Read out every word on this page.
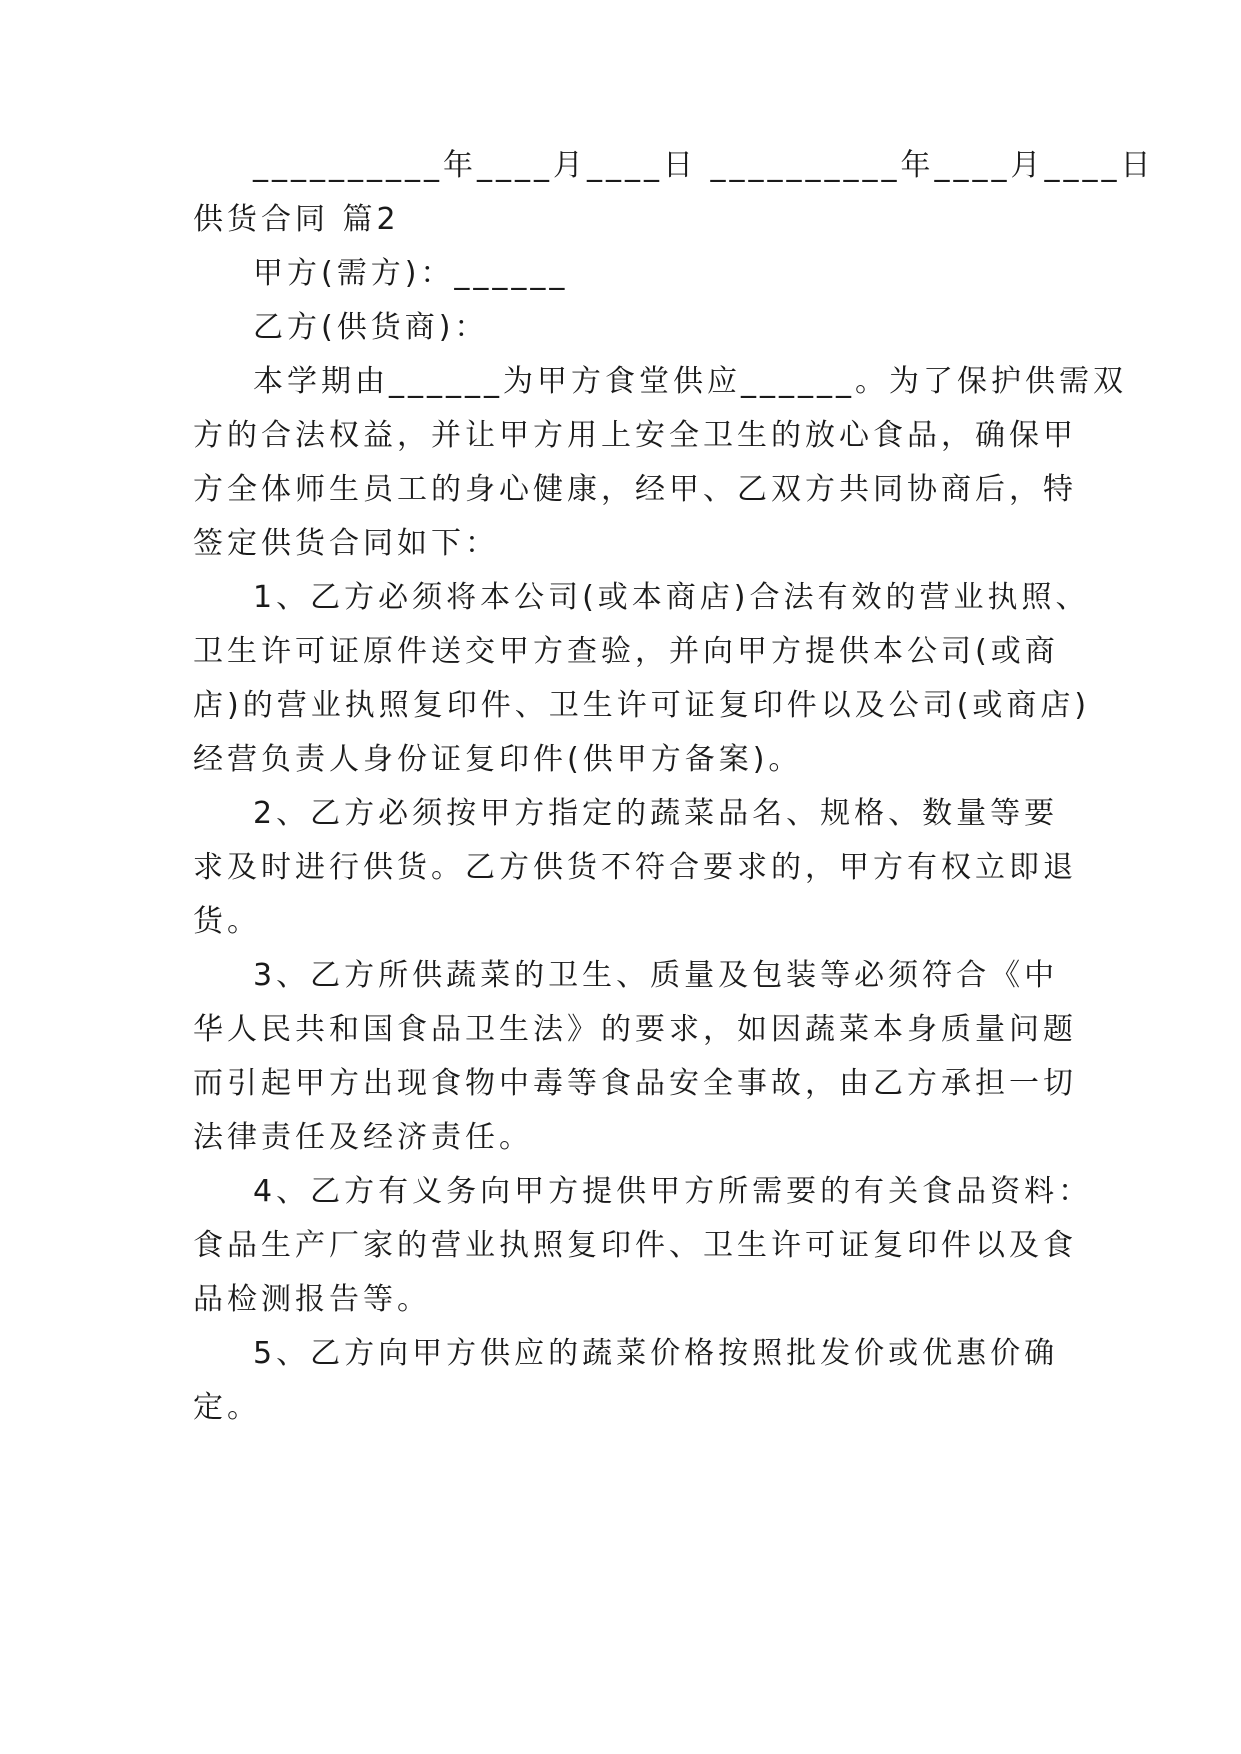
__________年____月____日 __________年____月____日
供货合同 篇2
甲方(需方)：______
乙方(供货商)：
本学期由______为甲方食堂供应______。为了保护供需双
方的合法权益，并让甲方用上安全卫生的放心食品，确保甲
方全体师生员工的身心健康，经甲、乙双方共同协商后，特
签定供货合同如下：
1、乙方必须将本公司(或本商店)合法有效的营业执照、
卫生许可证原件送交甲方查验，并向甲方提供本公司(或商
店)的营业执照复印件、卫生许可证复印件以及公司(或商店)
经营负责人身份证复印件(供甲方备案)。
2、乙方必须按甲方指定的蔬菜品名、规格、数量等要
求及时进行供货。乙方供货不符合要求的，甲方有权立即退
货。
3、乙方所供蔬菜的卫生、质量及包装等必须符合《中
华人民共和国食品卫生法》的要求，如因蔬菜本身质量问题
而引起甲方出现食物中毒等食品安全事故，由乙方承担一切
法律责任及经济责任。
4、乙方有义务向甲方提供甲方所需要的有关食品资料：
食品生产厂家的营业执照复印件、卫生许可证复印件以及食
品检测报告等。
5、乙方向甲方供应的蔬菜价格按照批发价或优惠价确
定。
